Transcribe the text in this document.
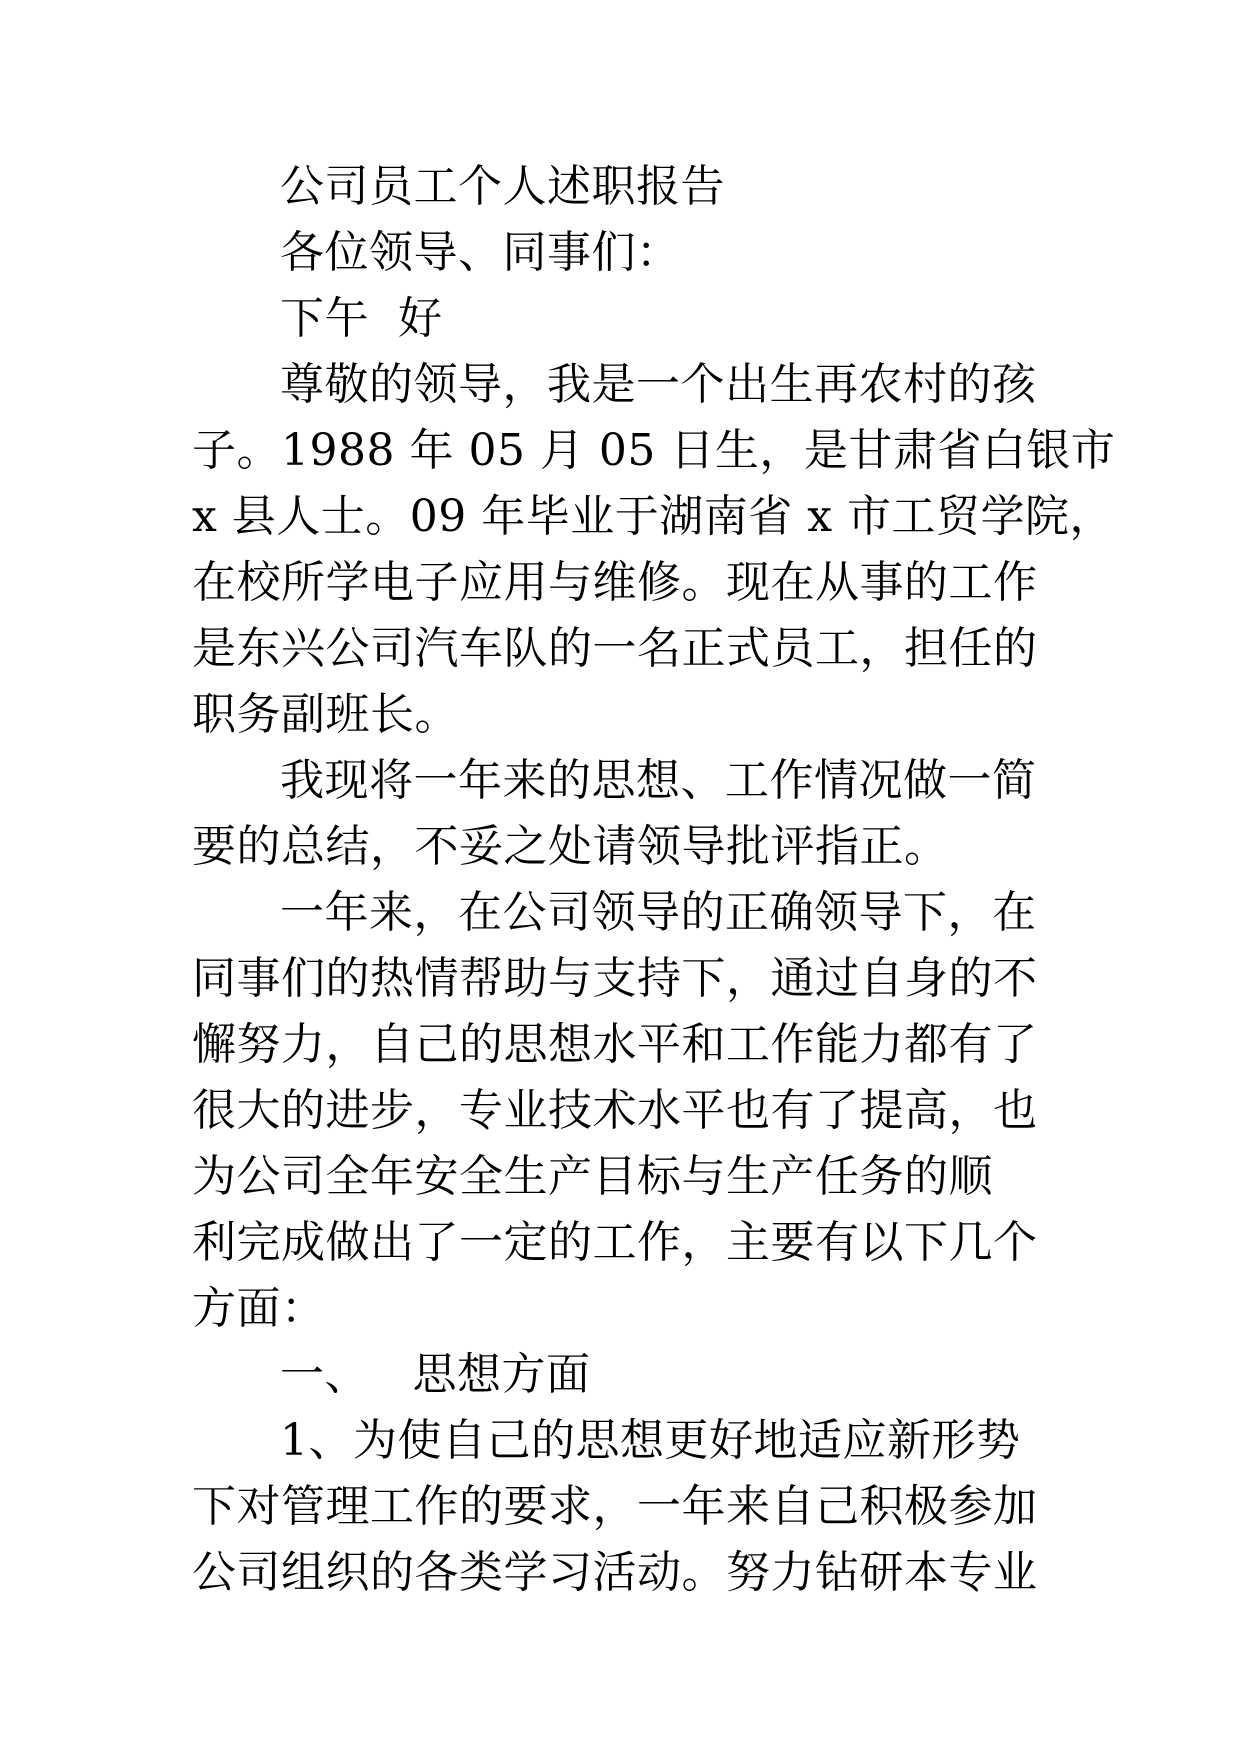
公司员工个人述职报告
各位领导、同事们：
下午  好
尊敬的领导，我是一个出生再农村的孩
子。1988 年 05 月 05 日生，是甘肃省白银市
x 县人士。09 年毕业于湖南省 x 市工贸学院，
在校所学电子应用与维修。现在从事的工作
是东兴公司汽车队的一名正式员工，担任的
职务副班长。
我现将一年来的思想、工作情况做一简
要的总结，不妥之处请领导批评指正。
一年来，在公司领导的正确领导下，在
同事们的热情帮助与支持下，通过自身的不
懈努力，自己的思想水平和工作能力都有了
很大的进步，专业技术水平也有了提高，也
为公司全年安全生产目标与生产任务的顺
利完成做出了一定的工作，主要有以下几个
方面：
一、   思想方面
1、为使自己的思想更好地适应新形势
下对管理工作的要求，一年来自己积极参加
公司组织的各类学习活动。努力钻研本专业
